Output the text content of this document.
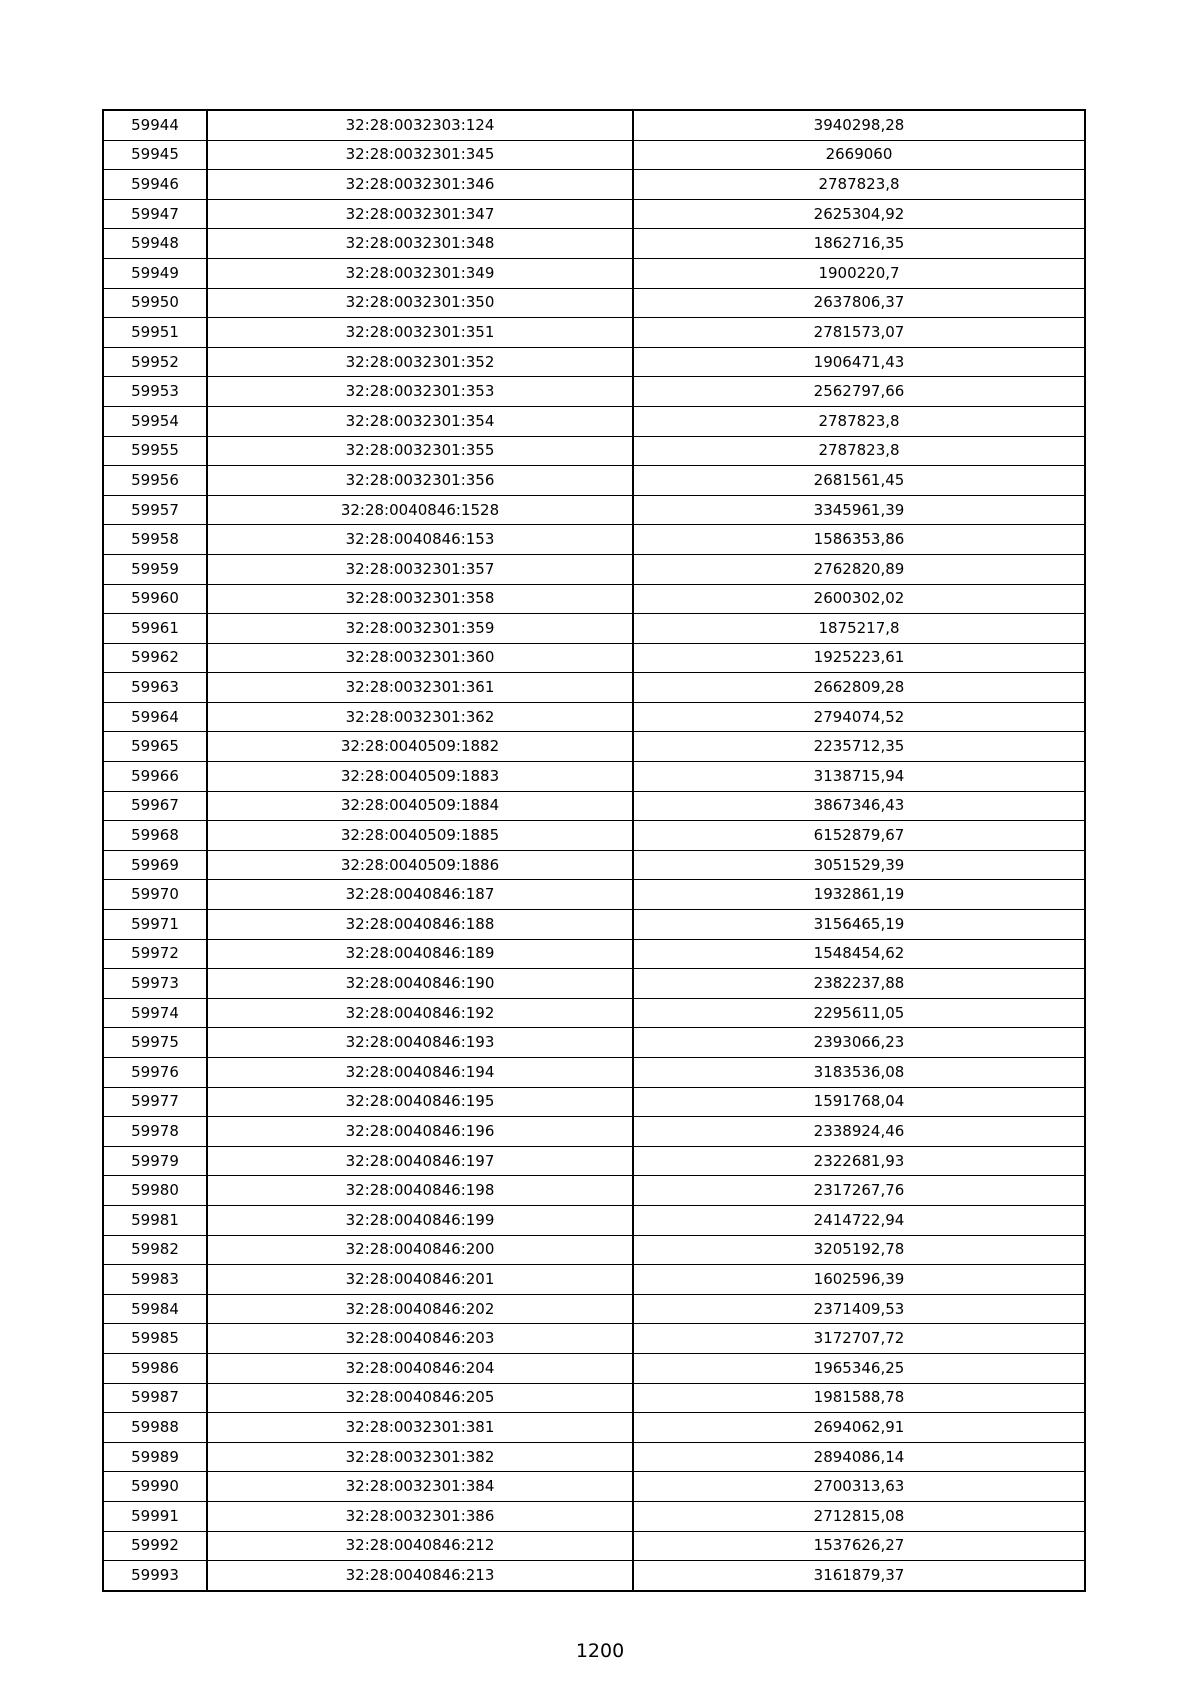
59944	32:28:0032303:124	3940298,28
59945	32:28:0032301:345	2669060
59946	32:28:0032301:346	2787823,8
59947	32:28:0032301:347	2625304,92
59948	32:28:0032301:348	1862716,35
59949	32:28:0032301:349	1900220,7
59950	32:28:0032301:350	2637806,37
59951	32:28:0032301:351	2781573,07
59952	32:28:0032301:352	1906471,43
59953	32:28:0032301:353	2562797,66
59954	32:28:0032301:354	2787823,8
59955	32:28:0032301:355	2787823,8
59956	32:28:0032301:356	2681561,45
59957	32:28:0040846:1528	3345961,39
59958	32:28:0040846:153	1586353,86
59959	32:28:0032301:357	2762820,89
59960	32:28:0032301:358	2600302,02
59961	32:28:0032301:359	1875217,8
59962	32:28:0032301:360	1925223,61
59963	32:28:0032301:361	2662809,28
59964	32:28:0032301:362	2794074,52
59965	32:28:0040509:1882	2235712,35
59966	32:28:0040509:1883	3138715,94
59967	32:28:0040509:1884	3867346,43
59968	32:28:0040509:1885	6152879,67
59969	32:28:0040509:1886	3051529,39
59970	32:28:0040846:187	1932861,19
59971	32:28:0040846:188	3156465,19
59972	32:28:0040846:189	1548454,62
59973	32:28:0040846:190	2382237,88
59974	32:28:0040846:192	2295611,05
59975	32:28:0040846:193	2393066,23
59976	32:28:0040846:194	3183536,08
59977	32:28:0040846:195	1591768,04
59978	32:28:0040846:196	2338924,46
59979	32:28:0040846:197	2322681,93
59980	32:28:0040846:198	2317267,76
59981	32:28:0040846:199	2414722,94
59982	32:28:0040846:200	3205192,78
59983	32:28:0040846:201	1602596,39
59984	32:28:0040846:202	2371409,53
59985	32:28:0040846:203	3172707,72
59986	32:28:0040846:204	1965346,25
59987	32:28:0040846:205	1981588,78
59988	32:28:0032301:381	2694062,91
59989	32:28:0032301:382	2894086,14
59990	32:28:0032301:384	2700313,63
59991	32:28:0032301:386	2712815,08
59992	32:28:0040846:212	1537626,27
59993	32:28:0040846:213	3161879,37
1200
